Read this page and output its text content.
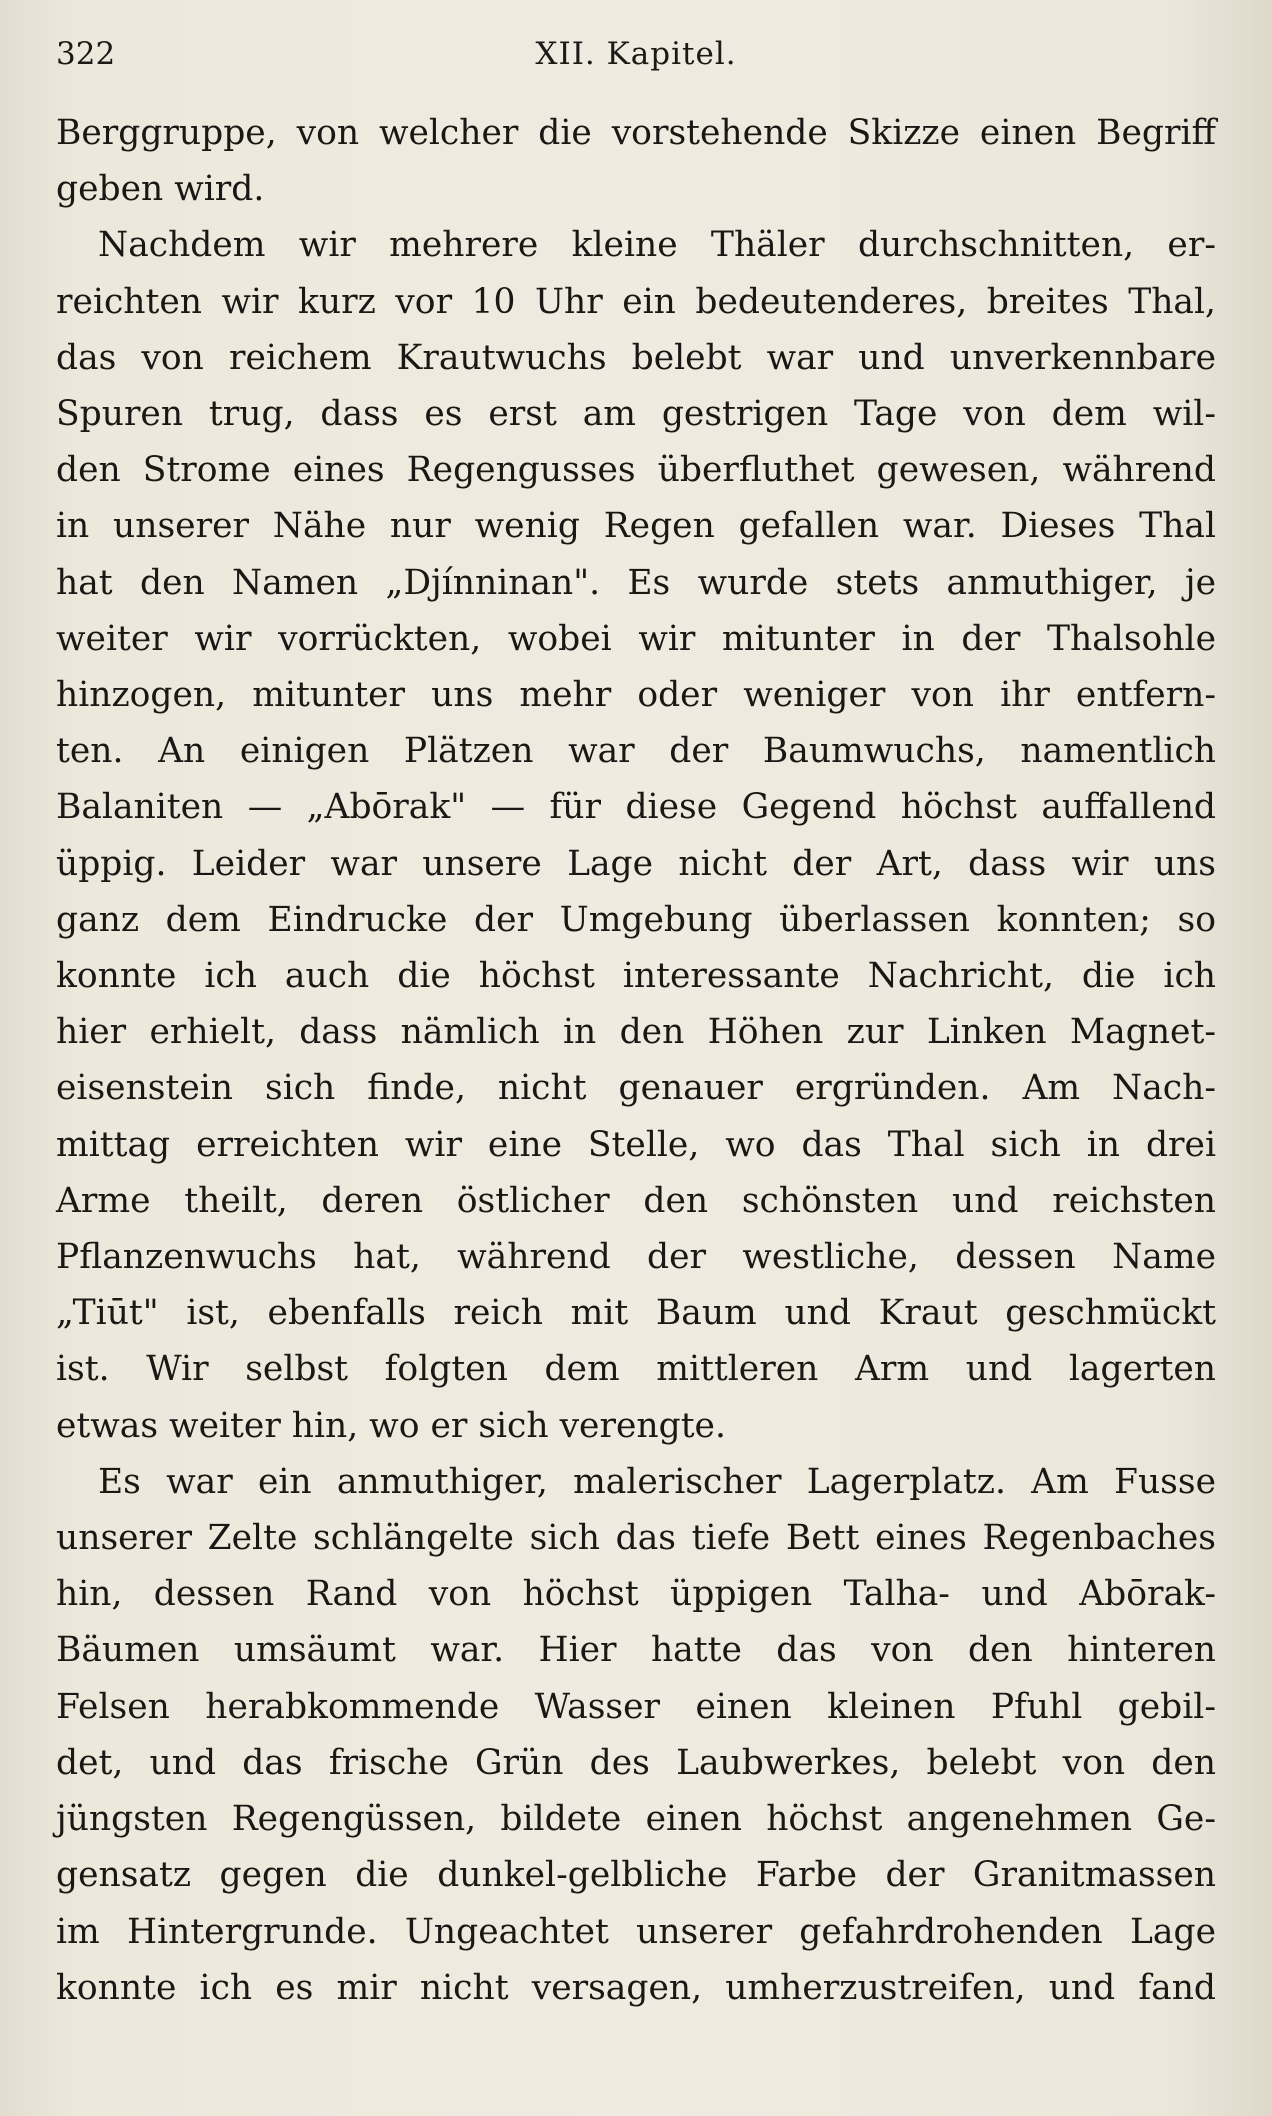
322	XII. Kapitel.
Berggruppe, von welcher die vorstehende Skizze einen Begriff
geben wird.
Nachdem wir mehrere kleine Thäler durchschnitten, er-
reichten wir kurz vor 10 Uhr ein bedeutenderes, breites Thal,
das von reichem Krautwuchs belebt war und unverkennbare
Spuren trug, dass es erst am gestrigen Tage von dem wil-
den Strome eines Regengusses überfluthet gewesen, während
in unserer Nähe nur wenig Regen gefallen war. Dieses Thal
hat den Namen „Djínninan". Es wurde stets anmuthiger, je
weiter wir vorrückten, wobei wir mitunter in der Thalsohle
hinzogen, mitunter uns mehr oder weniger von ihr entfern-
ten. An einigen Plätzen war der Baumwuchs, namentlich
Balaniten — „Abōrak" — für diese Gegend höchst auffallend
üppig. Leider war unsere Lage nicht der Art, dass wir uns
ganz dem Eindrucke der Umgebung überlassen konnten; so
konnte ich auch die höchst interessante Nachricht, die ich
hier erhielt, dass nämlich in den Höhen zur Linken Magnet-
eisenstein sich finde, nicht genauer ergründen. Am Nach-
mittag erreichten wir eine Stelle, wo das Thal sich in drei
Arme theilt, deren östlicher den schönsten und reichsten
Pflanzenwuchs hat, während der westliche, dessen Name
„Tiūt" ist, ebenfalls reich mit Baum und Kraut geschmückt
ist. Wir selbst folgten dem mittleren Arm und lagerten
etwas weiter hin, wo er sich verengte.
Es war ein anmuthiger, malerischer Lagerplatz. Am Fusse
unserer Zelte schlängelte sich das tiefe Bett eines Regenbaches
hin, dessen Rand von höchst üppigen Talha- und Abōrak-
Bäumen umsäumt war. Hier hatte das von den hinteren
Felsen herabkommende Wasser einen kleinen Pfuhl gebil-
det, und das frische Grün des Laubwerkes, belebt von den
jüngsten Regengüssen, bildete einen höchst angenehmen Ge-
gensatz gegen die dunkel-gelbliche Farbe der Granitmassen
im Hintergrunde. Ungeachtet unserer gefahrdrohenden Lage
konnte ich es mir nicht versagen, umherzustreifen, und fand
